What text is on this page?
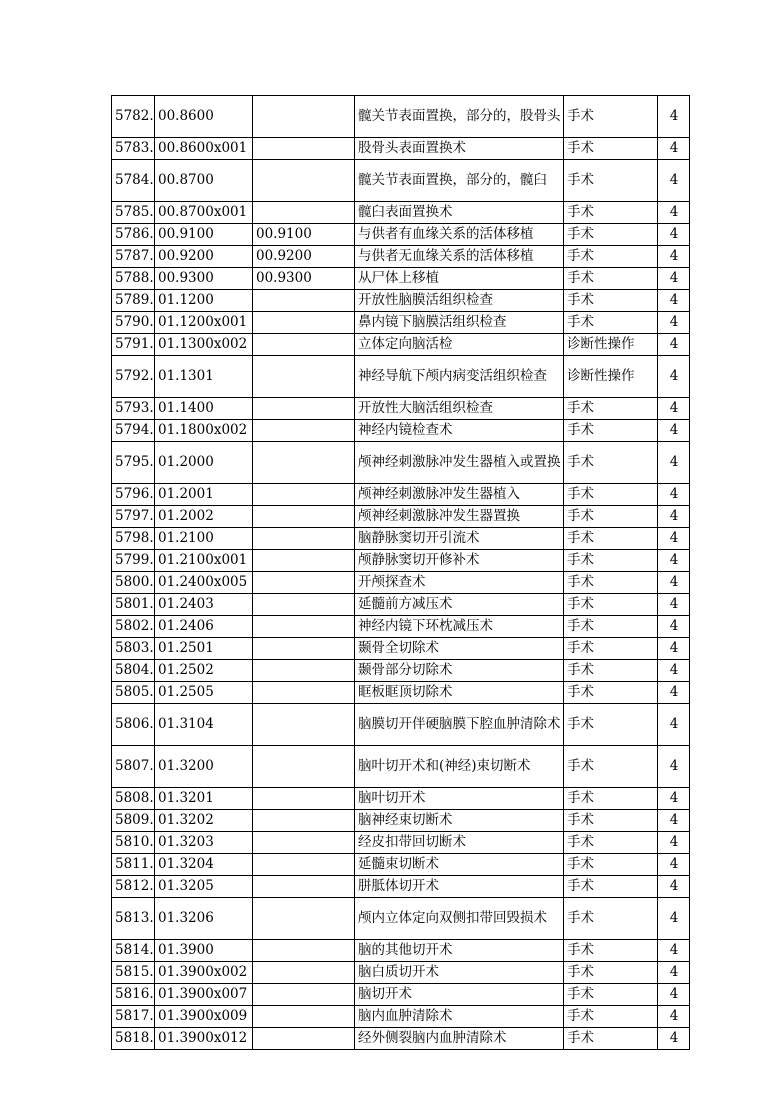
5782.	00.8600		髋关节表面置换，部分的，股骨头	手术	4
5783.	00.8600x001		股骨头表面置换术	手术	4
5784.	00.8700		髋关节表面置换，部分的，髋臼	手术	4
5785.	00.8700x001		髋臼表面置换术	手术	4
5786.	00.9100	00.9100	与供者有血缘关系的活体移植	手术	4
5787.	00.9200	00.9200	与供者无血缘关系的活体移植	手术	4
5788.	00.9300	00.9300	从尸体上移植	手术	4
5789.	01.1200		开放性脑膜活组织检查	手术	4
5790.	01.1200x001		鼻内镜下脑膜活组织检查	手术	4
5791.	01.1300x002		立体定向脑活检	诊断性操作	4
5792.	01.1301		神经导航下颅内病变活组织检查	诊断性操作	4
5793.	01.1400		开放性大脑活组织检查	手术	4
5794.	01.1800x002		神经内镜检查术	手术	4
5795.	01.2000		颅神经刺激脉冲发生器植入或置换	手术	4
5796.	01.2001		颅神经刺激脉冲发生器植入	手术	4
5797.	01.2002		颅神经刺激脉冲发生器置换	手术	4
5798.	01.2100		脑静脉窦切开引流术	手术	4
5799.	01.2100x001		颅静脉窦切开修补术	手术	4
5800.	01.2400x005		开颅探查术	手术	4
5801.	01.2403		延髓前方减压术	手术	4
5802.	01.2406		神经内镜下环枕减压术	手术	4
5803.	01.2501		颞骨全切除术	手术	4
5804.	01.2502		颞骨部分切除术	手术	4
5805.	01.2505		眶板眶顶切除术	手术	4
5806.	01.3104		脑膜切开伴硬脑膜下腔血肿清除术	手术	4
5807.	01.3200		脑叶切开术和(神经)束切断术	手术	4
5808.	01.3201		脑叶切开术	手术	4
5809.	01.3202		脑神经束切断术	手术	4
5810.	01.3203		经皮扣带回切断术	手术	4
5811.	01.3204		延髓束切断术	手术	4
5812.	01.3205		胼胝体切开术	手术	4
5813.	01.3206		颅内立体定向双侧扣带回毁损术	手术	4
5814.	01.3900		脑的其他切开术	手术	4
5815.	01.3900x002		脑白质切开术	手术	4
5816.	01.3900x007		脑切开术	手术	4
5817.	01.3900x009		脑内血肿清除术	手术	4
5818.	01.3900x012		经外侧裂脑内血肿清除术	手术	4
